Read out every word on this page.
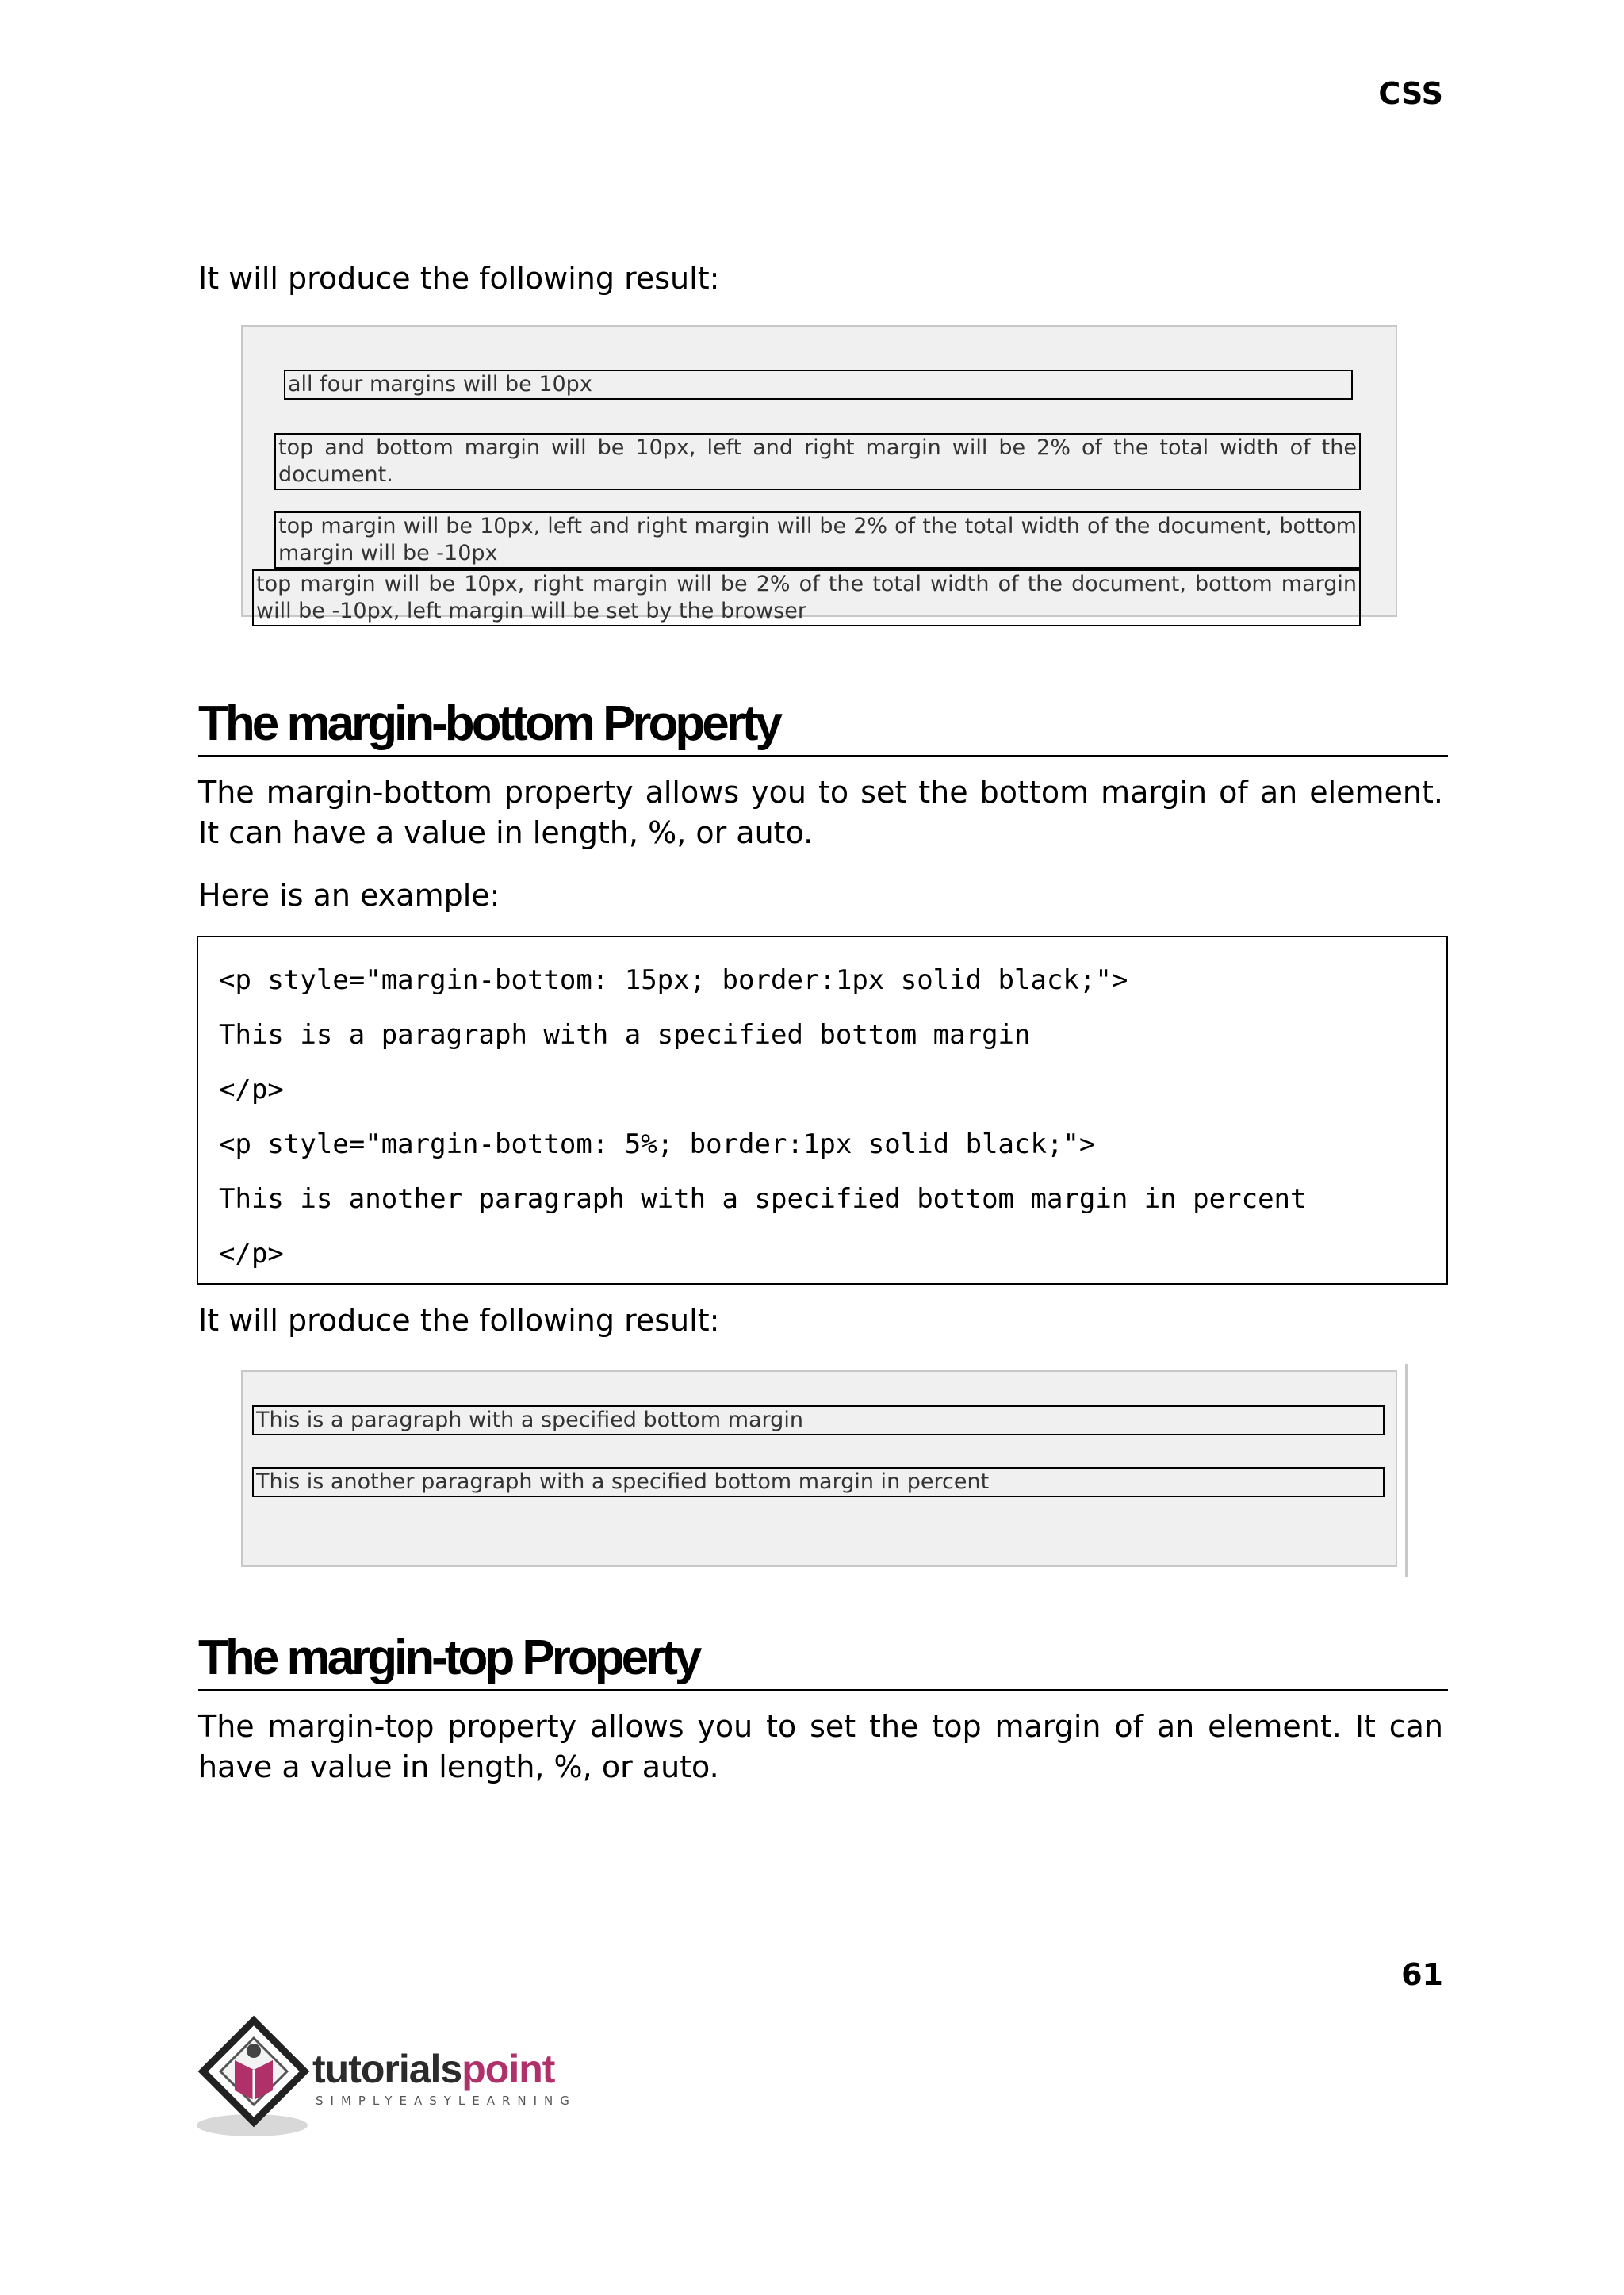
CSS

It will produce the following result:

all four margins will be 10px

top and bottom margin will be 10px, left and right margin will be 2% of the total width of the document.

top margin will be 10px, left and right margin will be 2% of the total width of the document, bottom margin will be -10px

top margin will be 10px, right margin will be 2% of the total width of the document, bottom margin will be -10px, left margin will be set by the browser

The margin-bottom Property

The margin-bottom property allows you to set the bottom margin of an element. It can have a value in length, %, or auto.

Here is an example:

<p style="margin-bottom: 15px; border:1px solid black;">

This is a paragraph with a specified bottom margin

</p>

<p style="margin-bottom: 5%; border:1px solid black;">

This is another paragraph with a specified bottom margin in percent

</p>

It will produce the following result:

This is a paragraph with a specified bottom margin

This is another paragraph with a specified bottom margin in percent

The margin-top Property

The margin-top property allows you to set the top margin of an element. It can have a value in length, %, or auto.

61
tutorialspoint
SIMPLYEASYLEARNING
